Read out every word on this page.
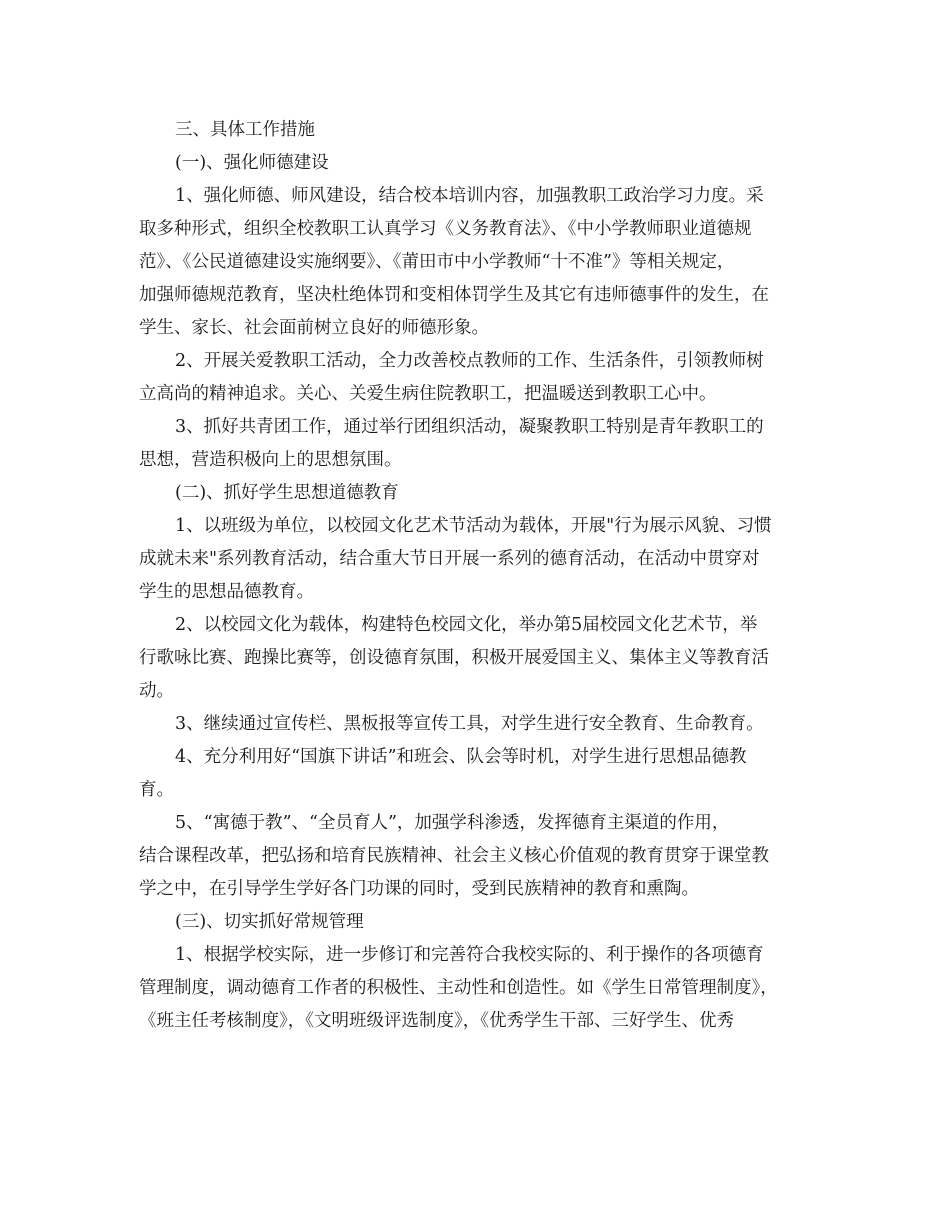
三、具体工作措施
(一)、强化师德建设
1、强化师德、师风建设，结合校本培训内容，加强教职工政治学习力度。采
取多种形式，组织全校教职工认真学习《义务教育法》、《中小学教师职业道德规
范》、《公民道德建设实施纲要》、《莆田市中小学教师“十不准”》等相关规定，
加强师德规范教育，坚决杜绝体罚和变相体罚学生及其它有违师德事件的发生，在
学生、家长、社会面前树立良好的师德形象。
2、开展关爱教职工活动，全力改善校点教师的工作、生活条件，引领教师树
立高尚的精神追求。关心、关爱生病住院教职工，把温暖送到教职工心中。
3、抓好共青团工作，通过举行团组织活动，凝聚教职工特别是青年教职工的
思想，营造积极向上的思想氛围。
(二)、抓好学生思想道德教育
1、以班级为单位，以校园文化艺术节活动为载体，开展"行为展示风貌、习惯
成就未来"系列教育活动，结合重大节日开展一系列的德育活动，在活动中贯穿对
学生的思想品德教育。
2、以校园文化为载体，构建特色校园文化，举办第5届校园文化艺术节，举
行歌咏比赛、跑操比赛等，创设德育氛围，积极开展爱国主义、集体主义等教育活
动。
3、继续通过宣传栏、黑板报等宣传工具，对学生进行安全教育、生命教育。
4、充分利用好“国旗下讲话”和班会、队会等时机，对学生进行思想品德教
育。
5、“寓德于教”、“全员育人”，加强学科渗透，发挥德育主渠道的作用，
结合课程改革，把弘扬和培育民族精神、社会主义核心价值观的教育贯穿于课堂教
学之中，在引导学生学好各门功课的同时，受到民族精神的教育和熏陶。
(三)、切实抓好常规管理
1、根据学校实际，进一步修订和完善符合我校实际的、利于操作的各项德育
管理制度，调动德育工作者的积极性、主动性和创造性。如《学生日常管理制度》，
《班主任考核制度》，《文明班级评选制度》，《优秀学生干部、三好学生、优秀
